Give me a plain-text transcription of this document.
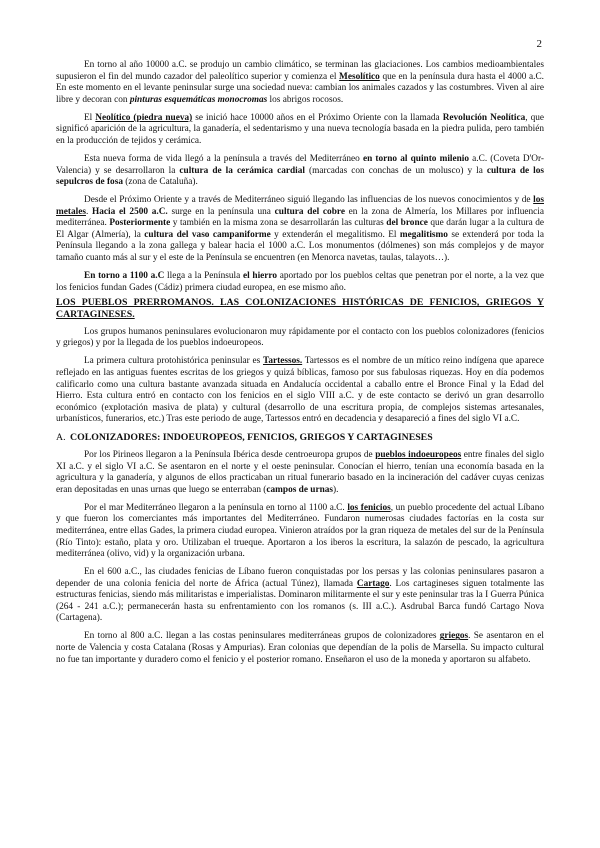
2

En torno al año 10000 a.C. se produjo un cambio climático, se terminan las glaciaciones. Los cambios medioambientales supusieron el fin del mundo cazador del paleolítico superior y comienza el Mesolítico que en la península dura hasta el 4000 a.C. En este momento en el levante peninsular surge una sociedad nueva: cambian los animales cazados y las costumbres. Viven al aire libre y decoran con pinturas esquemáticas monocromas los abrigos rocosos.

El Neolítico (piedra nueva) se inició hace 10000 años en el Próximo Oriente con la llamada Revolución Neolítica, que significó aparición de la agricultura, la ganadería, el sedentarismo y una nueva tecnología basada en la piedra pulida, pero también en la producción de tejidos y cerámica.

Esta nueva forma de vida llegó a la península a través del Mediterráneo en torno al quinto milenio a.C. (Coveta D'Or- Valencia) y se desarrollaron la cultura de la cerámica cardial (marcadas con conchas de un molusco) y la cultura de los sepulcros de fosa (zona de Cataluña).

Desde el Próximo Oriente y a través de Mediterráneo siguió llegando las influencias de los nuevos conocimientos y de los metales. Hacia el 2500 a.C. surge en la península una cultura del cobre en la zona de Almería, los Millares por influencia mediterránea. Posteriormente y también en la misma zona se desarrollarán las culturas del bronce que darán lugar a la cultura de El Algar (Almería), la cultura del vaso campaniforme y extenderán el megalitismo. El megalitismo se extenderá por toda la Península llegando a la zona gallega y balear hacia el 1000 a.C. Los monumentos (dólmenes) son más complejos y de mayor tamaño cuanto más al sur y el este de la Península se encuentren (en Menorca navetas, taulas, talayots…).

En torno a 1100 a.C llega a la Península el hierro aportado por los pueblos celtas que penetran por el norte, a la vez que los fenicios fundan Gades (Cádiz) primera ciudad europea, en ese mismo año.

LOS PUEBLOS PRERROMANOS. LAS COLONIZACIONES HISTÓRICAS DE FENICIOS, GRIEGOS Y CARTAGINESES.

Los grupos humanos peninsulares evolucionaron muy rápidamente por el contacto con los pueblos colonizadores (fenicios y griegos) y por la llegada de los pueblos indoeuropeos.

La primera cultura protohistórica peninsular es Tartessos. Tartessos es el nombre de un mítico reino indígena que aparece reflejado en las antiguas fuentes escritas de los griegos y quizá bíblicas, famoso por sus fabulosas riquezas. Hoy en día podemos calificarlo como una cultura bastante avanzada situada en Andalucía occidental a caballo entre el Bronce Final y la Edad del Hierro. Esta cultura entró en contacto con los fenicios en el siglo VIII a.C. y de este contacto se derivó un gran desarrollo económico (explotación masiva de plata) y cultural (desarrollo de una escritura propia, de complejos sistemas artesanales, urbanísticos, funerarios, etc.) Tras este periodo de auge, Tartessos entró en decadencia y desapareció a fines del siglo VI a.C.

A. COLONIZADORES: INDOEUROPEOS, FENICIOS, GRIEGOS Y CARTAGINESES

Por los Pirineos llegaron a la Península Ibérica desde centroeuropa grupos de pueblos indoeuropeos entre finales del siglo XI a.C. y el siglo VI a.C. Se asentaron en el norte y el oeste peninsular. Conocían el hierro, tenían una economía basada en la agricultura y la ganadería, y algunos de ellos practicaban un ritual funerario basado en la incineración del cadáver cuyas cenizas eran depositadas en unas urnas que luego se enterraban (campos de urnas).

Por el mar Mediterráneo llegaron a la península en torno al 1100 a.C. los fenicios, un pueblo procedente del actual Líbano y que fueron los comerciantes más importantes del Mediterráneo. Fundaron numerosas ciudades factorías en la costa sur mediterránea, entre ellas Gades, la primera ciudad europea. Vinieron atraídos por la gran riqueza de metales del sur de la Península (Río Tinto): estaño, plata y oro. Utilizaban el trueque. Aportaron a los iberos la escritura, la salazón de pescado, la agricultura mediterránea (olivo, vid) y la organización urbana.

En el 600 a.C., las ciudades fenicias de Líbano fueron conquistadas por los persas y las colonias peninsulares pasaron a depender de una colonia fenicia del norte de África (actual Túnez), llamada Cartago. Los cartagineses siguen totalmente las estructuras fenicias, siendo más militaristas e imperialistas. Dominaron militarmente el sur y este peninsular tras la I Guerra Púnica (264 - 241 a.C.); permanecerán hasta su enfrentamiento con los romanos (s. III a.C.). Asdrubal Barca fundó Cartago Nova (Cartagena).

En torno al 800 a.C. llegan a las costas peninsulares mediterráneas grupos de colonizadores griegos. Se asentaron en el norte de Valencia y costa Catalana (Rosas y Ampurias). Eran colonias que dependían de la polis de Marsella. Su impacto cultural no fue tan importante y duradero como el fenicio y el posterior romano. Enseñaron el uso de la moneda y aportaron su alfabeto.
